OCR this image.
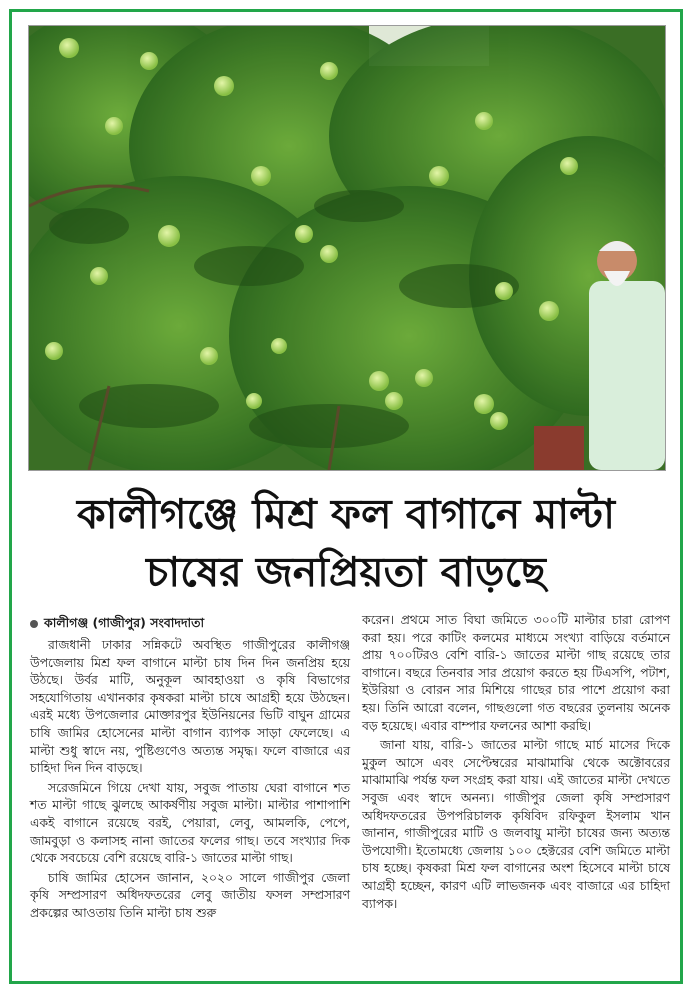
কালীগঞ্জে মিশ্র ফল বাগানে মাল্টা
চাষের জনপ্রিয়তা বাড়ছে
কালীগঞ্জ (গাজীপুর) সংবাদদাতা

রাজধানী ঢাকার সন্নিকটে অবস্থিত গাজীপুরের কালীগঞ্জ উপজেলায় মিশ্র ফল বাগানে মাল্টা চাষ দিন দিন জনপ্রিয় হয়ে উঠছে। উর্বর মাটি, অনুকূল আবহাওয়া ও কৃষি বিভাগের সহযোগিতায় এখানকার কৃষকরা মাল্টা চাষে আগ্রহী হয়ে উঠছেন। এরই মধ্যে উপজেলার মোক্তারপুর ইউনিয়নের ভিটি বাঘুন গ্রামের চাষি জামির হোসেনের মাল্টা বাগান ব্যাপক সাড়া ফেলেছে। এ মাল্টা শুধু স্বাদে নয়, পুষ্টিগুণেও অত্যন্ত সমৃদ্ধ। ফলে বাজারে এর চাহিদা দিন দিন বাড়ছে।

সরেজমিনে গিয়ে দেখা যায়, সবুজ পাতায় ঘেরা বাগানে শত শত মাল্টা গাছে ঝুলছে আকর্ষণীয় সবুজ মাল্টা। মাল্টার পাশাপাশি একই বাগানে রয়েছে বরই, পেয়ারা, লেবু, আমলকি, পেপে, জামবুড়া ও কলাসহ নানা জাতের ফলের গাছ। তবে সংখ্যার দিক থেকে সবচেয়ে বেশি রয়েছে বারি-১ জাতের মাল্টা গাছ।

চাষি জামির হোসেন জানান, ২০২০ সালে গাজীপুর জেলা কৃষি সম্প্রসারণ অধিদফতরের লেবু জাতীয় ফসল সম্প্রসারণ প্রকল্পের আওতায় তিনি মাল্টা চাষ শুরু

করেন। প্রথমে সাত বিঘা জমিতে ৩০০টি মাল্টার চারা রোপণ করা হয়। পরে কাটিং কলমের মাধ্যমে সংখ্যা বাড়িয়ে বর্তমানে প্রায় ৭০০টিরও বেশি বারি-১ জাতের মাল্টা গাছ রয়েছে তার বাগানে। বছরে তিনবার সার প্রয়োগ করতে হয় টিএসপি, পটাশ, ইউরিয়া ও বোরন সার মিশিয়ে গাছের চার পাশে প্রয়োগ করা হয়। তিনি আরো বলেন, গাছগুলো গত বছরের তুলনায় অনেক বড় হয়েছে। এবার বাম্পার ফলনের আশা করছি।

জানা যায়, বারি-১ জাতের মাল্টা গাছে মার্চ মাসের দিকে মুকুল আসে এবং সেপ্টেম্বরের মাঝামাঝি থেকে অক্টোবরের মাঝামাঝি পর্যন্ত ফল সংগ্রহ করা যায়। এই জাতের মাল্টা দেখতে সবুজ এবং স্বাদে অনন্য। গাজীপুর জেলা কৃষি সম্প্রসারণ অধিদফতরের উপপরিচালক কৃষিবিদ রফিকুল ইসলাম খান জানান, গাজীপুরের মাটি ও জলবায়ু মাল্টা চাষের জন্য অত্যন্ত উপযোগী। ইতোমধ্যে জেলায় ১০০ হেক্টরের বেশি জমিতে মাল্টা চাষ হচ্ছে। কৃষকরা মিশ্র ফল বাগানের অংশ হিসেবে মাল্টা চাষে আগ্রহী হচ্ছেন, কারণ এটি লাভজনক এবং বাজারে এর চাহিদা ব্যাপক।
